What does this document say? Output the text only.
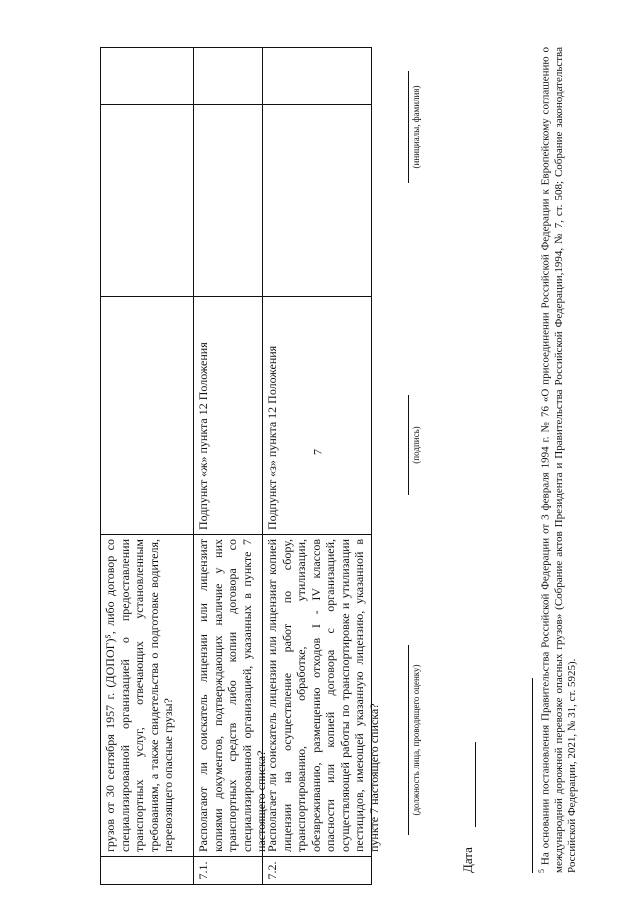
7
грузов от 30 сентября 1957 г. (ДОПОГ)⁵, либо договор со специализированной организацией о предоставлении транспортных услуг, отвечающих установленным требованиям, а также свидетельства о подготовке водителя, перевозящего опасные грузы?
7.1.
Располагают ли соискатель лицензии или лицензиат копиями документов, подтверждающих наличие у них транспортных средств либо копии договора со специализированной организацией, указанных в пункте 7 настоящего списка?
Подпункт «ж» пункта 12 Положения
7.2.
Располагает ли соискатель лицензии или лицензиат копией лицензии на осуществление работ по сбору, транспортированию, обработке, утилизации, обезвреживанию, размещению отходов I - IV классов опасности или копией договора с организацией, осуществляющей работы по транспортировке и утилизации пестицидов, имеющей указанную лицензию, указанной в пункте 7 настоящего списка?
Подпункт «з» пункта 12 Положения
(должность лица, проводящего оценку)
(подпись)
(инициалы, фамилия)
Дата	$^5$ На основании постановления Правительства Российской Федерации от 3 февраля 1994 г. № 76 «О присоединении Российской Федерации к Европейскому соглашению о международной дорожной перевозке опасных грузов» (Собрание актов Президента и Правительства Российской Федерации,1994, № 7, ст. 508; Собрание законодательства Российской Федерации, 2021, № 31, ст. 5925).
